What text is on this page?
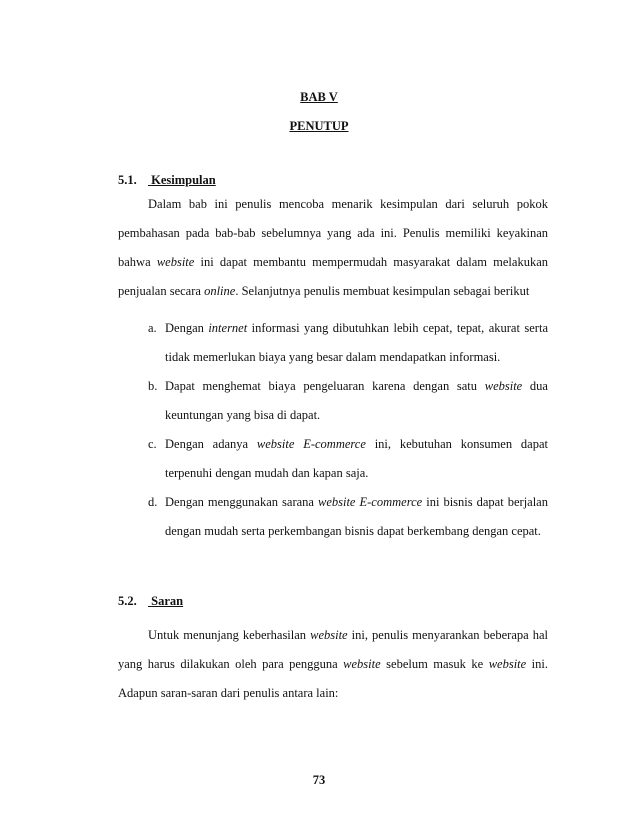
BAB V
PENUTUP
5.1. Kesimpulan
Dalam bab ini penulis mencoba menarik kesimpulan dari seluruh pokok pembahasan pada bab-bab sebelumnya yang ada ini. Penulis memiliki keyakinan bahwa website ini dapat membantu mempermudah masyarakat dalam melakukan penjualan secara online. Selanjutnya penulis membuat kesimpulan sebagai berikut
a. Dengan internet informasi yang dibutuhkan lebih cepat, tepat, akurat serta tidak memerlukan biaya yang besar dalam mendapatkan informasi.
b. Dapat menghemat biaya pengeluaran karena dengan satu website dua keuntungan yang bisa di dapat.
c. Dengan adanya website E-commerce ini, kebutuhan konsumen dapat terpenuhi dengan mudah dan kapan saja.
d. Dengan menggunakan sarana website E-commerce ini bisnis dapat berjalan dengan mudah serta perkembangan bisnis dapat berkembang dengan cepat.
5.2. Saran
Untuk menunjang keberhasilan website ini, penulis menyarankan beberapa hal yang harus dilakukan oleh para pengguna website sebelum masuk ke website ini. Adapun saran-saran dari penulis antara lain:
73
